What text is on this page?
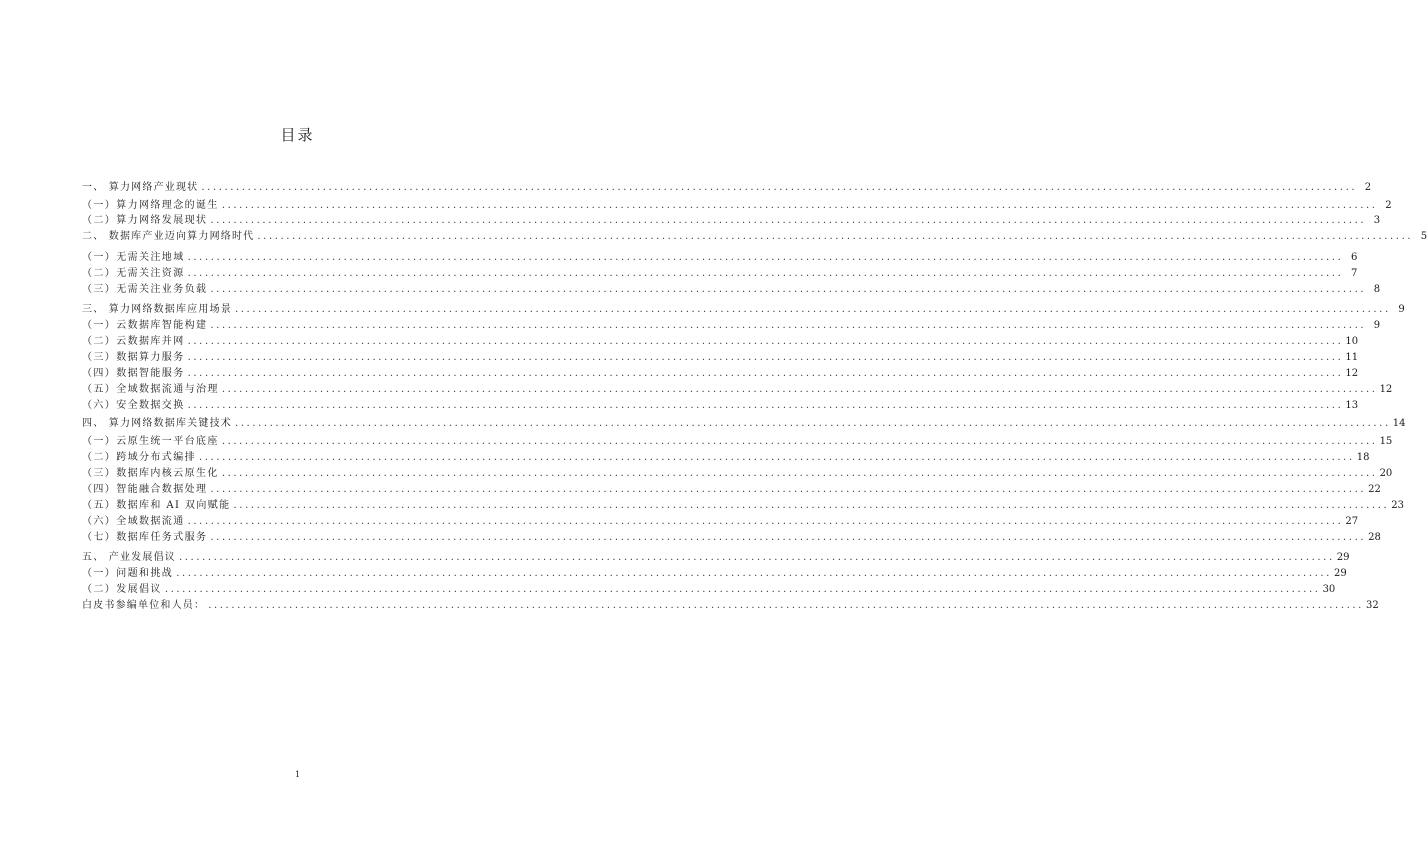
目录
一、 算力网络产业现状 ........................................................................................................................................................................................................ 2
（一）算力网络理念的诞生 ........................................................................................................................................................................................................ 2
（二）算力网络发展现状 ........................................................................................................................................................................................................ 3
二、 数据库产业迈向算力网络时代 ........................................................................................................................................................................................................ 5
（一）无需关注地域 ........................................................................................................................................................................................................ 6
（二）无需关注资源 ........................................................................................................................................................................................................ 7
（三）无需关注业务负载 ........................................................................................................................................................................................................ 8
三、 算力网络数据库应用场景 ........................................................................................................................................................................................................ 9
（一）云数据库智能构建 ........................................................................................................................................................................................................ 9
（二）云数据库并网 ........................................................................................................................................................................................................ 10
（三）数据算力服务 ........................................................................................................................................................................................................ 11
（四）数据智能服务 ........................................................................................................................................................................................................ 12
（五）全域数据流通与治理 ........................................................................................................................................................................................................ 12
（六）安全数据交换 ........................................................................................................................................................................................................ 13
四、 算力网络数据库关键技术 ........................................................................................................................................................................................................ 14
（一）云原生统一平台底座 ........................................................................................................................................................................................................ 15
（二）跨域分布式编排 ........................................................................................................................................................................................................ 18
（三）数据库内核云原生化 ........................................................................................................................................................................................................ 20
（四）智能融合数据处理 ........................................................................................................................................................................................................ 22
（五）数据库和 AI 双向赋能 ........................................................................................................................................................................................................ 23
（六）全域数据流通 ........................................................................................................................................................................................................ 27
（七）数据库任务式服务 ........................................................................................................................................................................................................ 28
五、 产业发展倡议 ........................................................................................................................................................................................................ 29
（一）问题和挑战 ........................................................................................................................................................................................................ 29
（二）发展倡议 ........................................................................................................................................................................................................ 30
白皮书参编单位和人员： ........................................................................................................................................................................................................ 32
1
